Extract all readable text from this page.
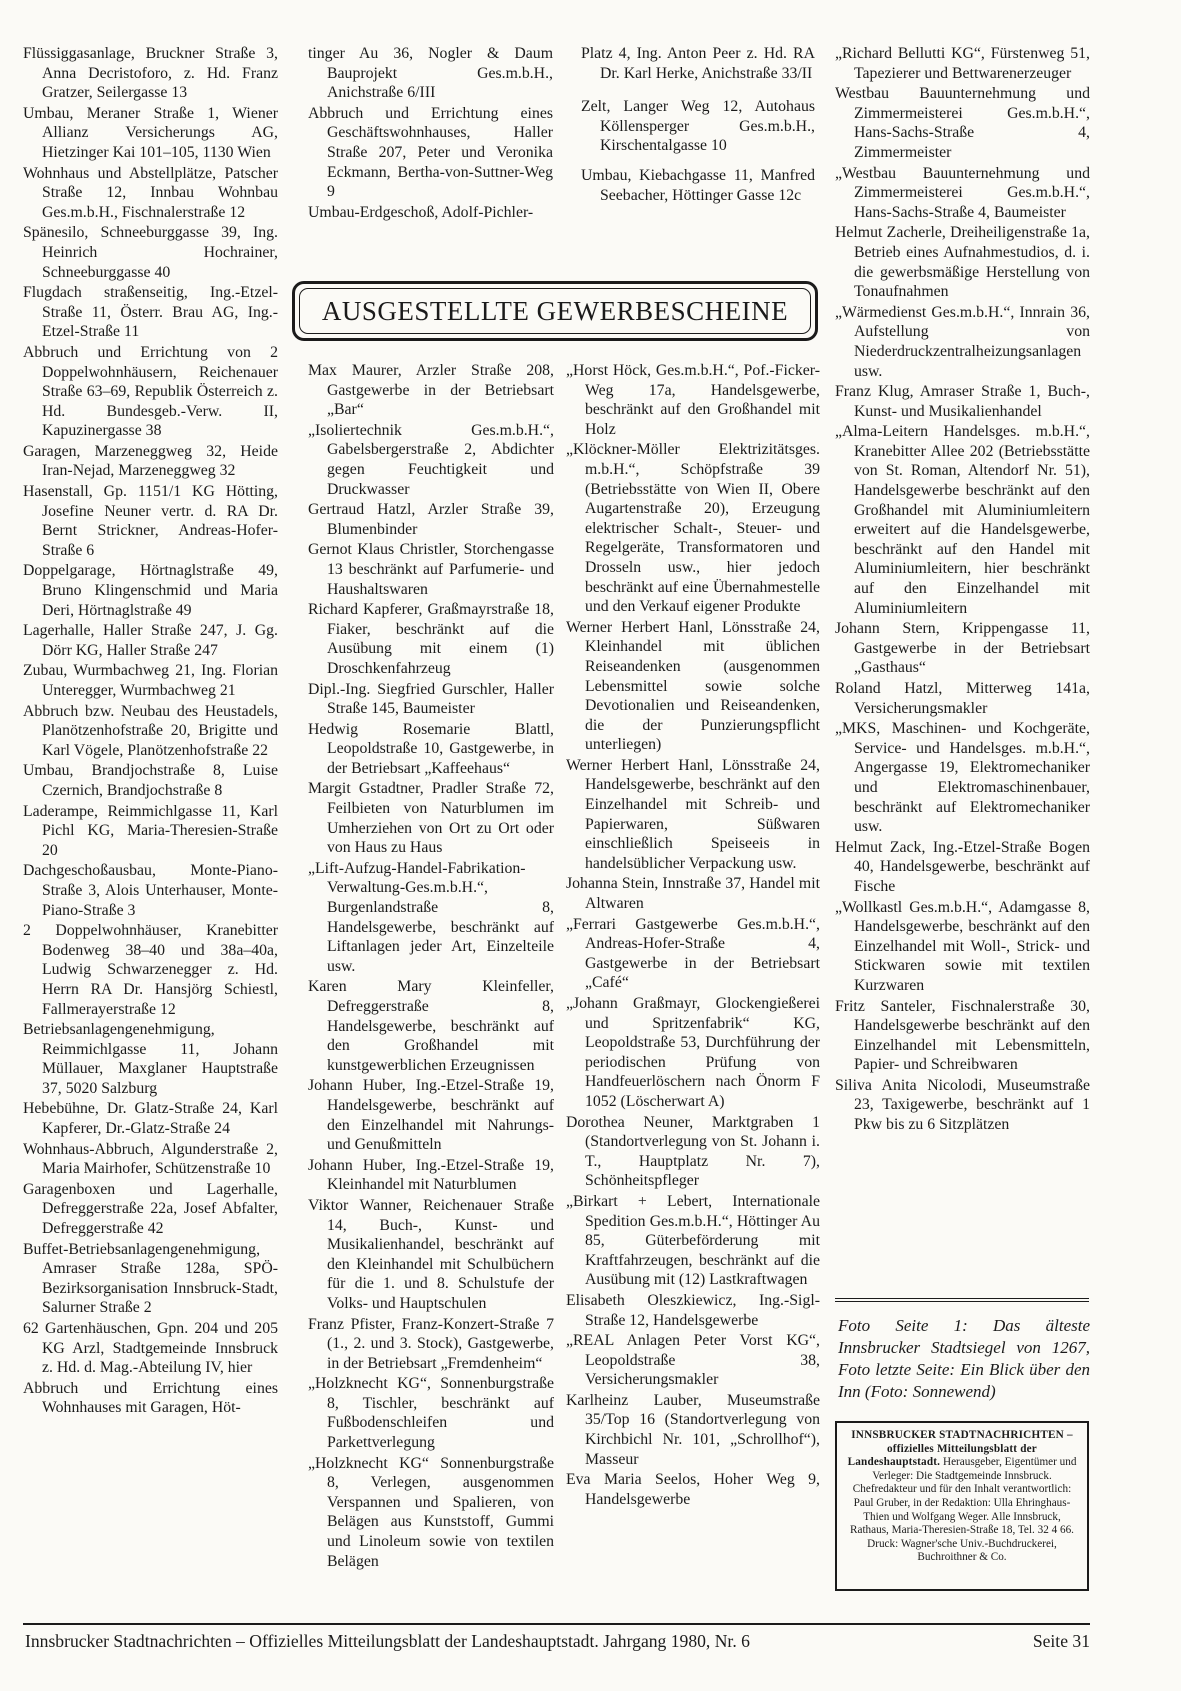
Flüssiggasanlage, Bruckner Straße 3, Anna Decristoforo, z. Hd. Franz Gratzer, Seilergasse 13

Umbau, Meraner Straße 1, Wiener Allianz Versicherungs AG, Hietzinger Kai 101–105, 1130 Wien

Wohnhaus und Abstellplätze, Patscher Straße 12, Innbau Wohnbau Ges.m.b.H., Fischnalerstraße 12

Spänesilo, Schneeburggasse 39, Ing. Heinrich Hochrainer, Schneeburggasse 40

Flugdach straßenseitig, Ing.-Etzel-Straße 11, Österr. Brau AG, Ing.-Etzel-Straße 11

Abbruch und Errichtung von 2 Doppelwohnhäusern, Reichenauer Straße 63–69, Republik Österreich z. Hd. Bundesgeb.-Verw. II, Kapuzinergasse 38

Garagen, Marzeneggweg 32, Heide Iran-Nejad, Marzeneggweg 32

Hasenstall, Gp. 1151/1 KG Hötting, Josefine Neuner vertr. d. RA Dr. Bernt Strickner, Andreas-Hofer-Straße 6

Doppelgarage, Hörtnaglstraße 49, Bruno Klingenschmid und Maria Deri, Hörtnaglstraße 49

Lagerhalle, Haller Straße 247, J. Gg. Dörr KG, Haller Straße 247

Zubau, Wurmbachweg 21, Ing. Florian Unteregger, Wurmbachweg 21

Abbruch bzw. Neubau des Heustadels, Planötzenhofstraße 20, Brigitte und Karl Vögele, Planötzenhofstraße 22

Umbau, Brandjochstraße 8, Luise Czernich, Brandjochstraße 8

Laderampe, Reimmichlgasse 11, Karl Pichl KG, Maria-Theresien-Straße 20

Dachgeschoßausbau, Monte-Piano-Straße 3, Alois Unterhauser, Monte-Piano-Straße 3

2 Doppelwohnhäuser, Kranebitter Bodenweg 38–40 und 38a–40a, Ludwig Schwarzenegger z. Hd. Herrn RA Dr. Hansjörg Schiestl, Fallmerayerstraße 12

Betriebsanlagengenehmigung, Reimmichlgasse 11, Johann Müllauer, Maxglaner Hauptstraße 37, 5020 Salzburg

Hebebühne, Dr. Glatz-Straße 24, Karl Kapferer, Dr.-Glatz-Straße 24

Wohnhaus-Abbruch, Algunderstraße 2, Maria Mairhofer, Schützenstraße 10

Garagenboxen und Lagerhalle, Defreggerstraße 22a, Josef Abfalter, Defreggerstraße 42

Buffet-Betriebsanlagengenehmigung, Amraser Straße 128a, SPÖ-Bezirksorganisation Innsbruck-Stadt, Salurner Straße 2

62 Gartenhäuschen, Gpn. 204 und 205 KG Arzl, Stadtgemeinde Innsbruck z. Hd. d. Mag.-Abteilung IV, hier

Abbruch und Errichtung eines Wohnhauses mit Garagen, Höt-

tinger Au 36, Nogler & Daum Bauprojekt Ges.m.b.H., Anichstraße 6/III

Abbruch und Errichtung eines Geschäftswohnhauses, Haller Straße 207, Peter und Veronika Eckmann, Bertha-von-Suttner-Weg 9

Umbau-Erdgeschoß, Adolf-Pichler-

Platz 4, Ing. Anton Peer z. Hd. RA Dr. Karl Herke, Anichstraße 33/II

Zelt, Langer Weg 12, Autohaus Köllensperger Ges.m.b.H., Kirschentalgasse 10

Umbau, Kiebachgasse 11, Manfred Seebacher, Höttinger Gasse 12c

AUSGESTELLTE GEWERBESCHEINE

Max Maurer, Arzler Straße 208, Gastgewerbe in der Betriebsart „Bar“

„Isoliertechnik Ges.m.b.H.“, Gabelsbergerstraße 2, Abdichter gegen Feuchtigkeit und Druckwasser

Gertraud Hatzl, Arzler Straße 39, Blumenbinder

Gernot Klaus Christler, Storchengasse 13 beschränkt auf Parfumerie- und Haushaltswaren

Richard Kapferer, Graßmayrstraße 18, Fiaker, beschränkt auf die Ausübung mit einem (1) Droschkenfahrzeug

Dipl.-Ing. Siegfried Gurschler, Haller Straße 145, Baumeister

Hedwig Rosemarie Blattl, Leopoldstraße 10, Gastgewerbe, in der Betriebsart „Kaffeehaus“

Margit Gstadtner, Pradler Straße 72, Feilbieten von Naturblumen im Umherziehen von Ort zu Ort oder von Haus zu Haus

„Lift-Aufzug-Handel-Fabrikation-Verwaltung-Ges.m.b.H.“, Burgenlandstraße 8, Handelsgewerbe, beschränkt auf Liftanlagen jeder Art, Einzelteile usw.

Karen Mary Kleinfeller, Defreggerstraße 8, Handelsgewerbe, beschränkt auf den Großhandel mit kunstgewerblichen Erzeugnissen

Johann Huber, Ing.-Etzel-Straße 19, Handelsgewerbe, beschränkt auf den Einzelhandel mit Nahrungs- und Genußmitteln

Johann Huber, Ing.-Etzel-Straße 19, Kleinhandel mit Naturblumen

Viktor Wanner, Reichenauer Straße 14, Buch-, Kunst- und Musikalienhandel, beschränkt auf den Kleinhandel mit Schulbüchern für die 1. und 8. Schulstufe der Volks- und Hauptschulen

Franz Pfister, Franz-Konzert-Straße 7 (1., 2. und 3. Stock), Gastgewerbe, in der Betriebsart „Fremdenheim“

„Holzknecht KG“, Sonnenburgstraße 8, Tischler, beschränkt auf Fußbodenschleifen und Parkettverlegung

„Holzknecht KG“ Sonnenburgstraße 8, Verlegen, ausgenommen Verspannen und Spalieren, von Belägen aus Kunststoff, Gummi und Linoleum sowie von textilen Belägen

„Horst Höck, Ges.m.b.H.“, Pof.-Ficker-Weg 17a, Handelsgewerbe, beschränkt auf den Großhandel mit Holz

„Klöckner-Möller Elektrizitätsges. m.b.H.“, Schöpfstraße 39 (Betriebsstätte von Wien II, Obere Augartenstraße 20), Erzeugung elektrischer Schalt-, Steuer- und Regelgeräte, Transformatoren und Drosseln usw., hier jedoch beschränkt auf eine Übernahmestelle und den Verkauf eigener Produkte

Werner Herbert Hanl, Lönsstraße 24, Kleinhandel mit üblichen Reiseandenken (ausgenommen Lebensmittel sowie solche Devotionalien und Reiseandenken, die der Punzierungspflicht unterliegen)

Werner Herbert Hanl, Lönsstraße 24, Handelsgewerbe, beschränkt auf den Einzelhandel mit Schreib- und Papierwaren, Süßwaren einschließlich Speiseeis in handelsüblicher Verpackung usw.

Johanna Stein, Innstraße 37, Handel mit Altwaren

„Ferrari Gastgewerbe Ges.m.b.H.“, Andreas-Hofer-Straße 4, Gastgewerbe in der Betriebsart „Café“

„Johann Graßmayr, Glockengießerei und Spritzenfabrik“ KG, Leopoldstraße 53, Durchführung der periodischen Prüfung von Handfeuerlöschern nach Önorm F 1052 (Löscherwart A)

Dorothea Neuner, Marktgraben 1 (Standortverlegung von St. Johann i. T., Hauptplatz Nr. 7), Schönheitspfleger

„Birkart + Lebert, Internationale Spedition Ges.m.b.H.“, Höttinger Au 85, Güterbeförderung mit Kraftfahrzeugen, beschränkt auf die Ausübung mit (12) Lastkraftwagen

Elisabeth Oleszkiewicz, Ing.-Sigl-Straße 12, Handelsgewerbe

„REAL Anlagen Peter Vorst KG“, Leopoldstraße 38, Versicherungsmakler

Karlheinz Lauber, Museumstraße 35/Top 16 (Standortverlegung von Kirchbichl Nr. 101, „Schrollhof“), Masseur

Eva Maria Seelos, Hoher Weg 9, Handelsgewerbe

„Richard Bellutti KG“, Fürstenweg 51, Tapezierer und Bettwarenerzeuger

Westbau Bauunternehmung und Zimmermeisterei Ges.m.b.H.“, Hans-Sachs-Straße 4, Zimmermeister

„Westbau Bauunternehmung und Zimmermeisterei Ges.m.b.H.“, Hans-Sachs-Straße 4, Baumeister

Helmut Zacherle, Dreiheiligenstraße 1a, Betrieb eines Aufnahmestudios, d. i. die gewerbsmäßige Herstellung von Tonaufnahmen

„Wärmedienst Ges.m.b.H.“, Innrain 36, Aufstellung von Niederdruckzentralheizungsanlagen usw.

Franz Klug, Amraser Straße 1, Buch-, Kunst- und Musikalienhandel

„Alma-Leitern Handelsges. m.b.H.“, Kranebitter Allee 202 (Betriebsstätte von St. Roman, Altendorf Nr. 51), Handelsgewerbe beschränkt auf den Großhandel mit Aluminiumleitern erweitert auf die Handelsgewerbe, beschränkt auf den Handel mit Aluminiumleitern, hier beschränkt auf den Einzelhandel mit Aluminiumleitern

Johann Stern, Krippengasse 11, Gastgewerbe in der Betriebsart „Gasthaus“

Roland Hatzl, Mitterweg 141a, Versicherungsmakler

„MKS, Maschinen- und Kochgeräte, Service- und Handelsges. m.b.H.“, Angergasse 19, Elektromechaniker und Elektromaschinenbauer, beschränkt auf Elektromechaniker usw.

Helmut Zack, Ing.-Etzel-Straße Bogen 40, Handelsgewerbe, beschränkt auf Fische

„Wollkastl Ges.m.b.H.“, Adamgasse 8, Handelsgewerbe, beschränkt auf den Einzelhandel mit Woll-, Strick- und Stickwaren sowie mit textilen Kurzwaren

Fritz Santeler, Fischnalerstraße 30, Handelsgewerbe beschränkt auf den Einzelhandel mit Lebensmitteln, Papier- und Schreibwaren

Siliva Anita Nicolodi, Museumstraße 23, Taxigewerbe, beschränkt auf 1 Pkw bis zu 6 Sitzplätzen

Foto Seite 1: Das älteste Innsbrucker Stadtsiegel von 1267, Foto letzte Seite: Ein Blick über den Inn (Foto: Sonnewend)
INNSBRUCKER STADTNACHRICHTEN – offizielles Mitteilungsblatt der Landeshauptstadt. Herausgeber, Eigentümer und Verleger: Die Stadtgemeinde Innsbruck. Chefredakteur und für den Inhalt verantwortlich: Paul Gruber, in der Redaktion: Ulla Ehringhaus-Thien und Wolfgang Weger. Alle Innsbruck, Rathaus, Maria-Theresien-Straße 18, Tel. 32 4 66. Druck: Wagner'sche Univ.-Buchdruckerei, Buchroithner & Co.
Innsbrucker Stadtnachrichten – Offizielles Mitteilungsblatt der Landeshauptstadt. Jahrgang 1980, Nr. 6	Seite 31
